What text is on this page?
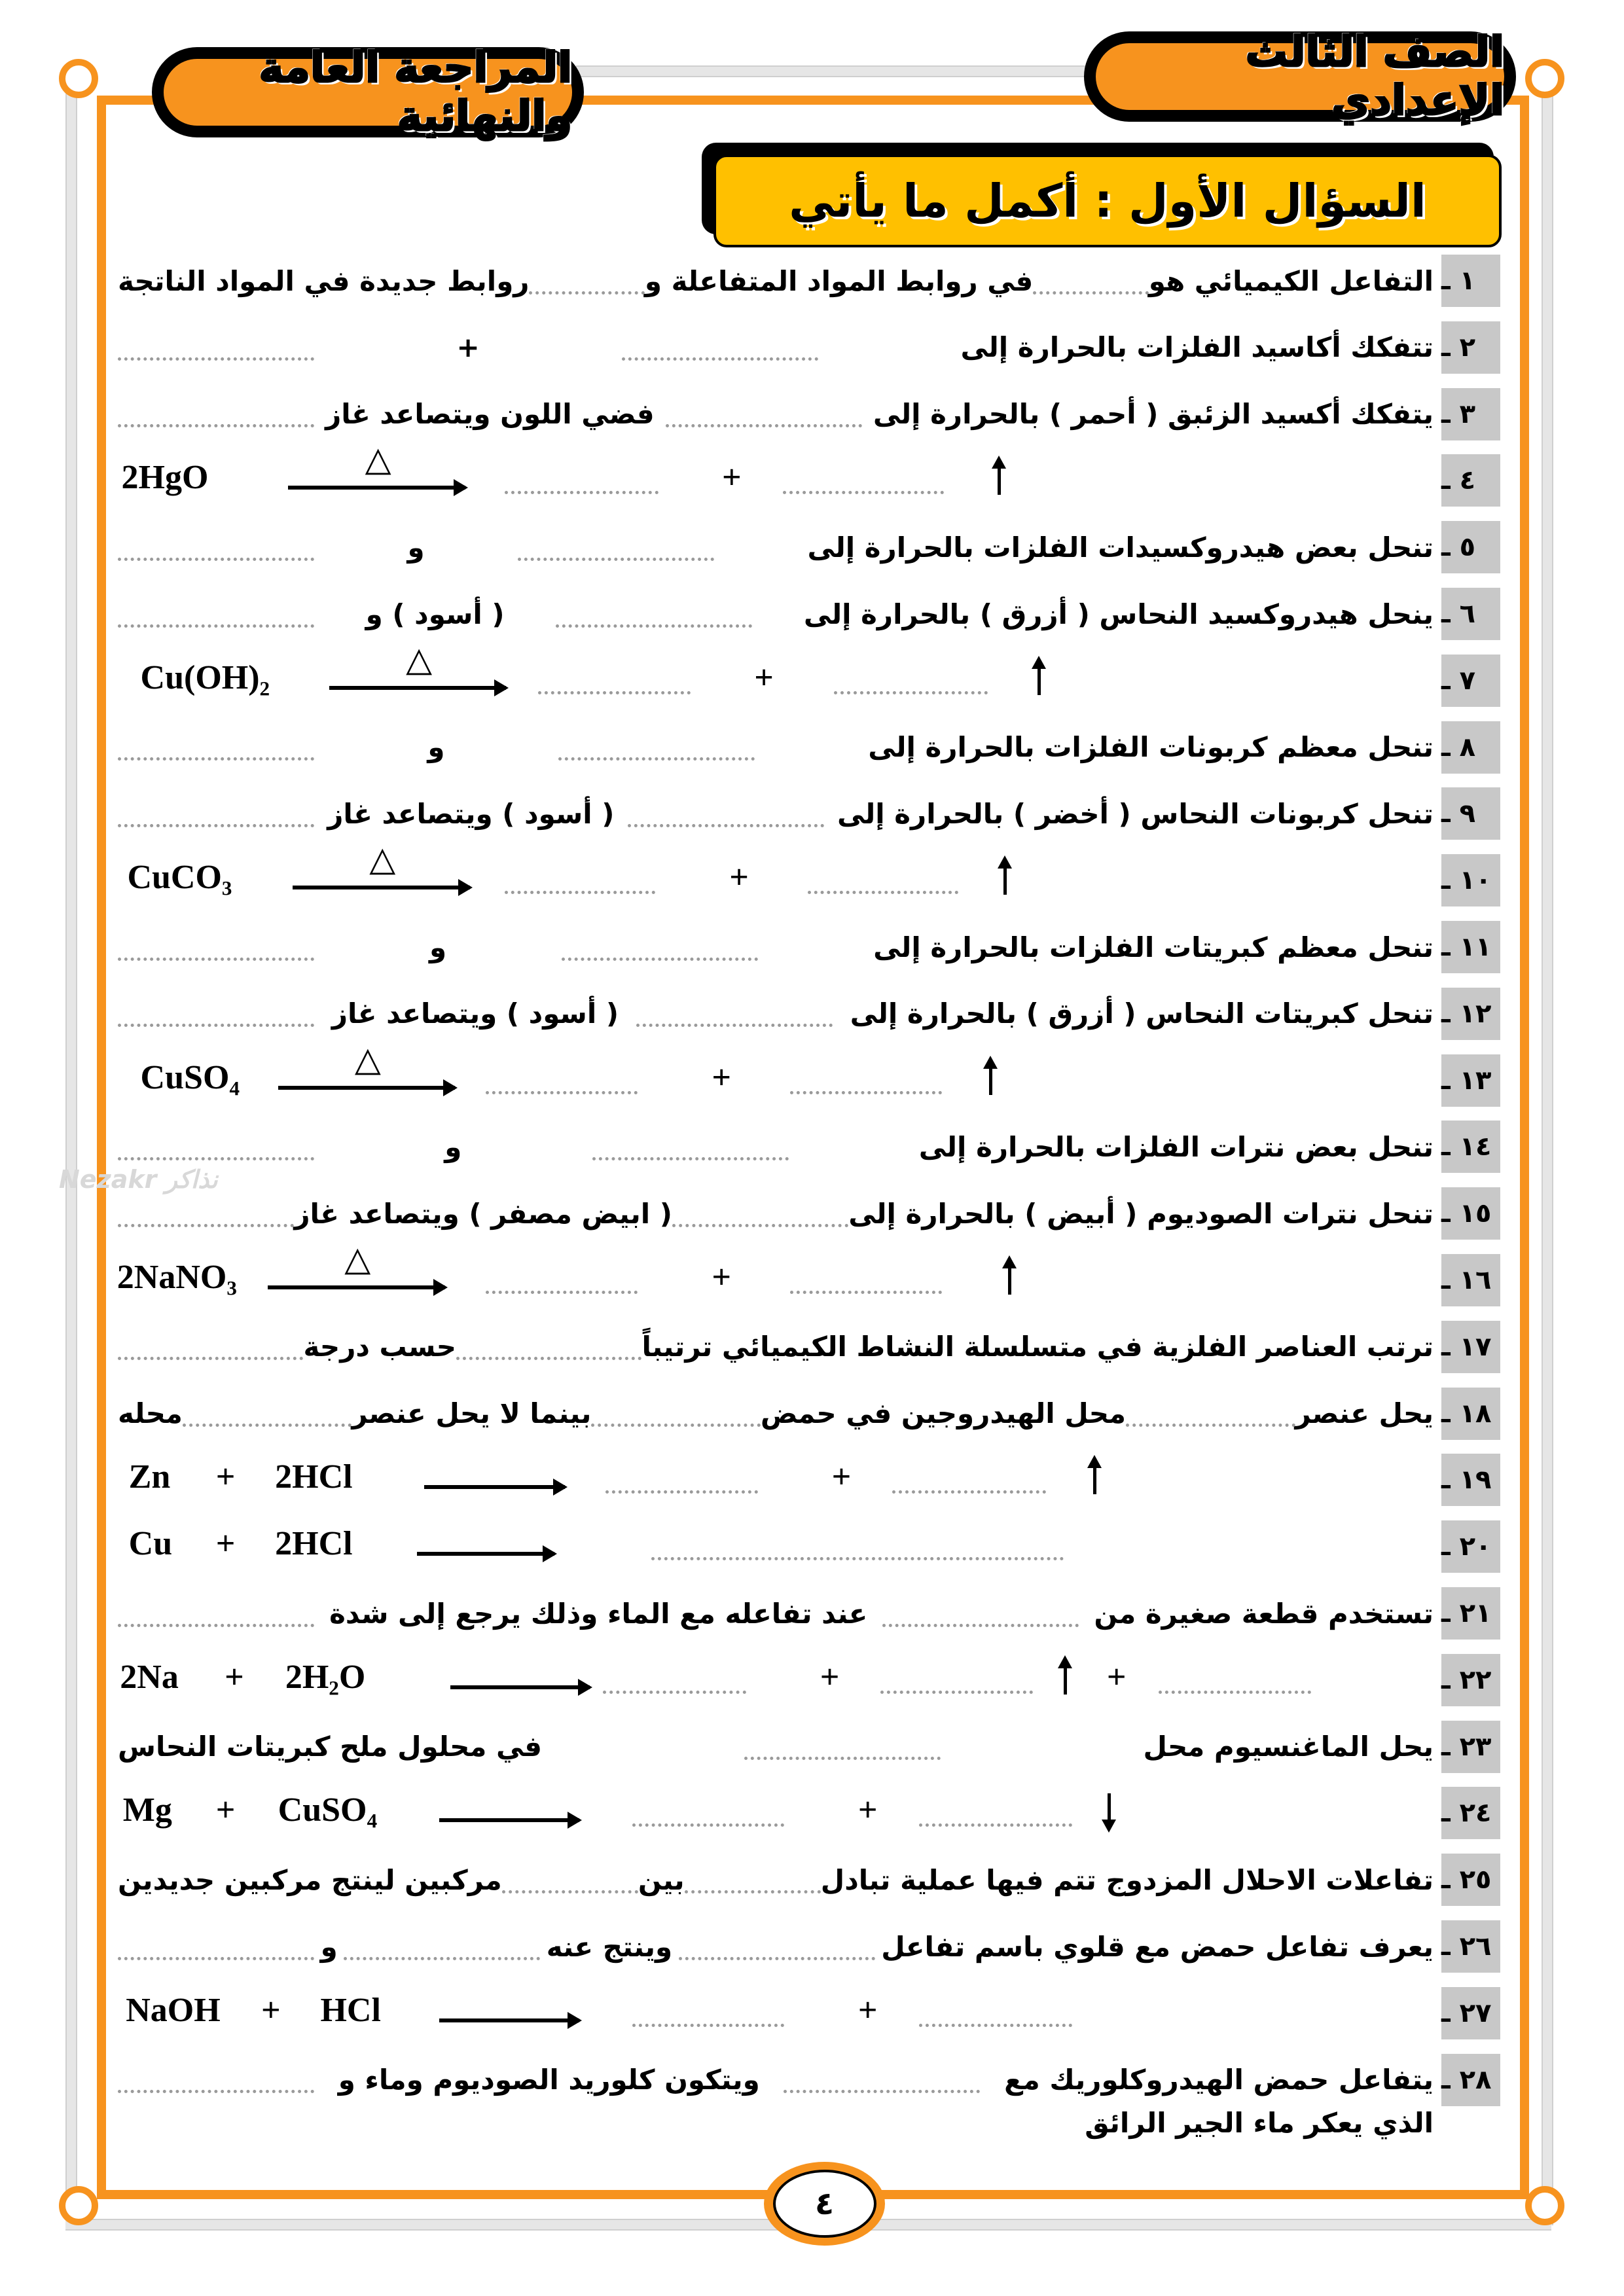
المراجعة العامة والنهائية
الصف الثالث الإعدادي
السؤال الأول : أكمل ما يأتي
Nezakr نذاكر
١ ـ
التفاعل الكيميائي هو
في روابط المواد المتفاعلة و
روابط جديدة في المواد الناتجة
٢ ـ
تتفكك أكاسيد الفلزات بالحرارة إلى
+
٣ ـ
يتفكك أكسيد الزئبق ( أحمر ) بالحرارة إلى
فضي اللون ويتصاعد غاز
٤ ـ
2HgO	△	+
٥ ـ
تنحل بعض هيدروكسيدات الفلزات بالحرارة إلى
و
٦ ـ
ينحل هيدروكسيد النحاس ( أزرق ) بالحرارة إلى
( أسود ) و
٧ ـ
Cu(OH)₂	△	+
٨ ـ
تنحل معظم كربونات الفلزات بالحرارة إلى
و
٩ ـ
تنحل كربونات النحاس ( أخضر ) بالحرارة إلى
( أسود ) ويتصاعد غاز
١٠ ـ
CuCO₃	△	+
١١ ـ
تنحل معظم كبريتات الفلزات بالحرارة إلى
و
١٢ ـ
تنحل كبريتات النحاس ( أزرق ) بالحرارة إلى
( أسود ) ويتصاعد غاز
١٣ ـ
CuSO₄	△	+
١٤ ـ
تنحل بعض نترات الفلزات بالحرارة إلى
و
١٥ ـ
تنحل نترات الصوديوم ( أبيض ) بالحرارة إلى
( ابيض مصفر ) ويتصاعد غاز
١٦ ـ
2NaNO₃	△	+
١٧ ـ
ترتب العناصر الفلزية في متسلسلة النشاط الكيميائي ترتيباً
حسب درجة
١٨ ـ
يحل عنصر
محل الهيدروجين في حمض
بينما لا يحل عنصر
محله
١٩ ـ
Zn + 2HCl	+
٢٠ ـ
Cu + 2HCl
٢١ ـ
تستخدم قطعة صغيرة من
عند تفاعله مع الماء وذلك يرجع إلى شدة
٢٢ ـ
2Na + 2H₂O	+	+
٢٣ ـ
يحل الماغنسيوم محل
في محلول ملح كبريتات النحاس
٢٤ ـ
Mg + CuSO₄	+
٢٥ ـ
تفاعلات الاحلال المزدوج تتم فيها عملية تبادل
بين
مركبين لينتج مركبين جديدين
٢٦ ـ
يعرف تفاعل حمض مع قلوي باسم تفاعل
وينتج عنه
و
٢٧ ـ
NaOH + HCl	+
٢٨ ـ
يتفاعل حمض الهيدروكلوريك مع
ويتكون كلوريد الصوديوم وماء و
الذي يعكر ماء الجير الرائق
٤
